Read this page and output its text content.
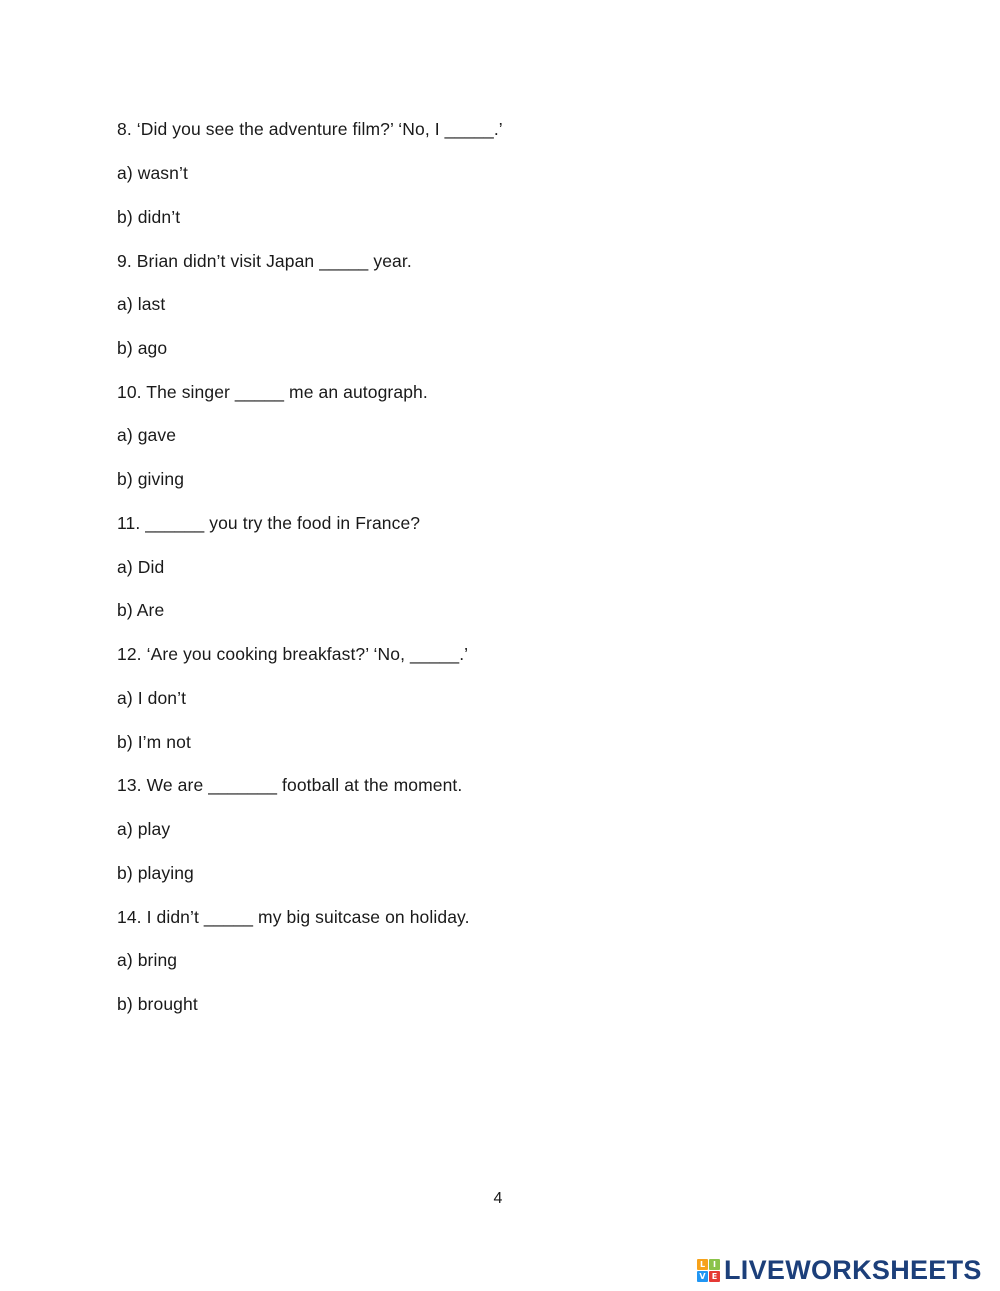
8. ‘Did you see the adventure film?’ ‘No, I _____.’
a) wasn’t
b) didn’t
9. Brian didn’t visit Japan _____ year.
a) last
b) ago
10. The singer _____ me an autograph.
a) gave
b) giving
11. ______ you try the food in France?
a) Did
b) Are
12. ‘Are you cooking breakfast?’ ‘No, _____.’
a) I don’t
b) I’m not
13. We are _______ football at the moment.
a) play
b) playing
14. I didn’t _____ my big suitcase on holiday.
a) bring
b) brought
4
L I
V E LIVEWORKSHEETS
